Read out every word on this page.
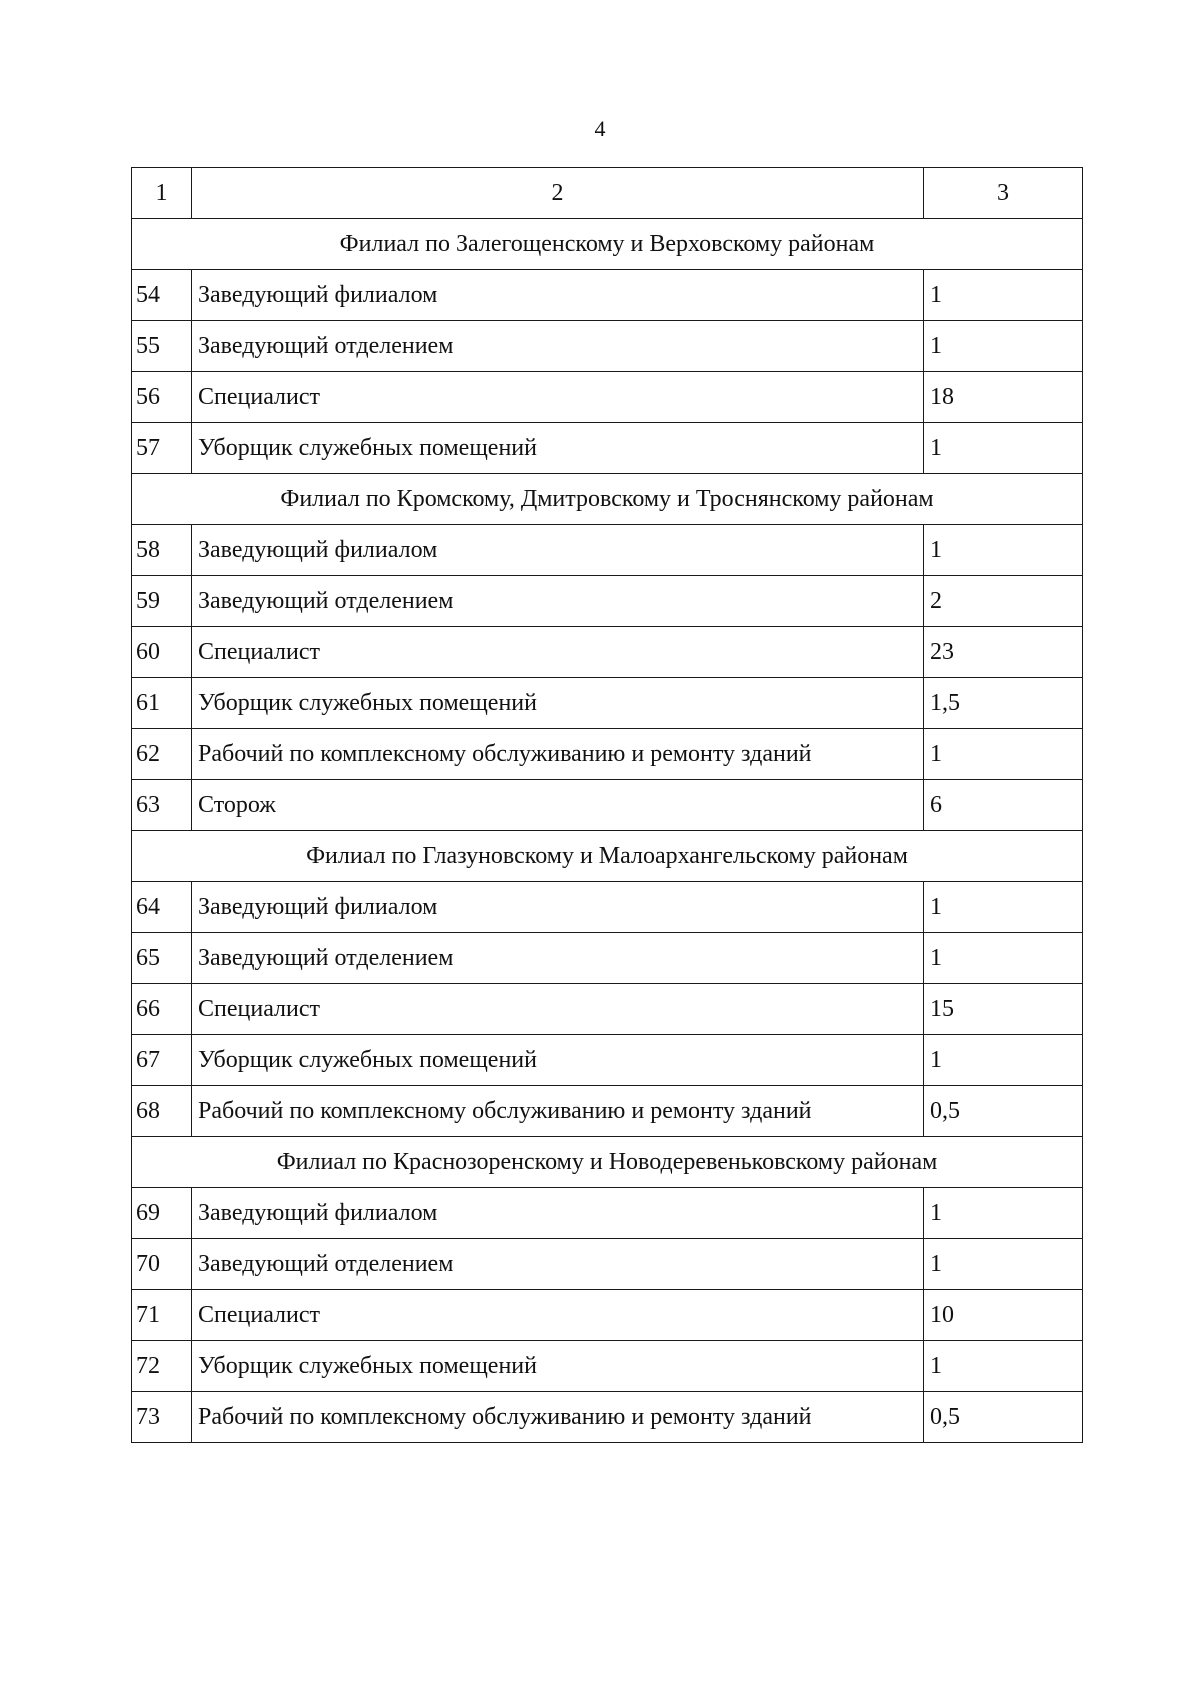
4
1	2	3
Филиал по Залегощенскому и Верховскому районам		
54	Заведующий филиалом	1
55	Заведующий отделением	1
56	Специалист	18
57	Уборщик служебных помещений	1
Филиал по Кромскому, Дмитровскому и Троснянскому районам		
58	Заведующий филиалом	1
59	Заведующий отделением	2
60	Специалист	23
61	Уборщик служебных помещений	1,5
62	Рабочий по комплексному обслуживанию и ремонту зданий	1
63	Сторож	6
Филиал по Глазуновскому и Малоархангельскому районам		
64	Заведующий филиалом	1
65	Заведующий отделением	1
66	Специалист	15
67	Уборщик служебных помещений	1
68	Рабочий по комплексному обслуживанию и ремонту зданий	0,5
Филиал по Краснозоренскому и Новодеревеньковскому районам		
69	Заведующий филиалом	1
70	Заведующий отделением	1
71	Специалист	10
72	Уборщик служебных помещений	1
73	Рабочий по комплексному обслуживанию и ремонту зданий	0,5
